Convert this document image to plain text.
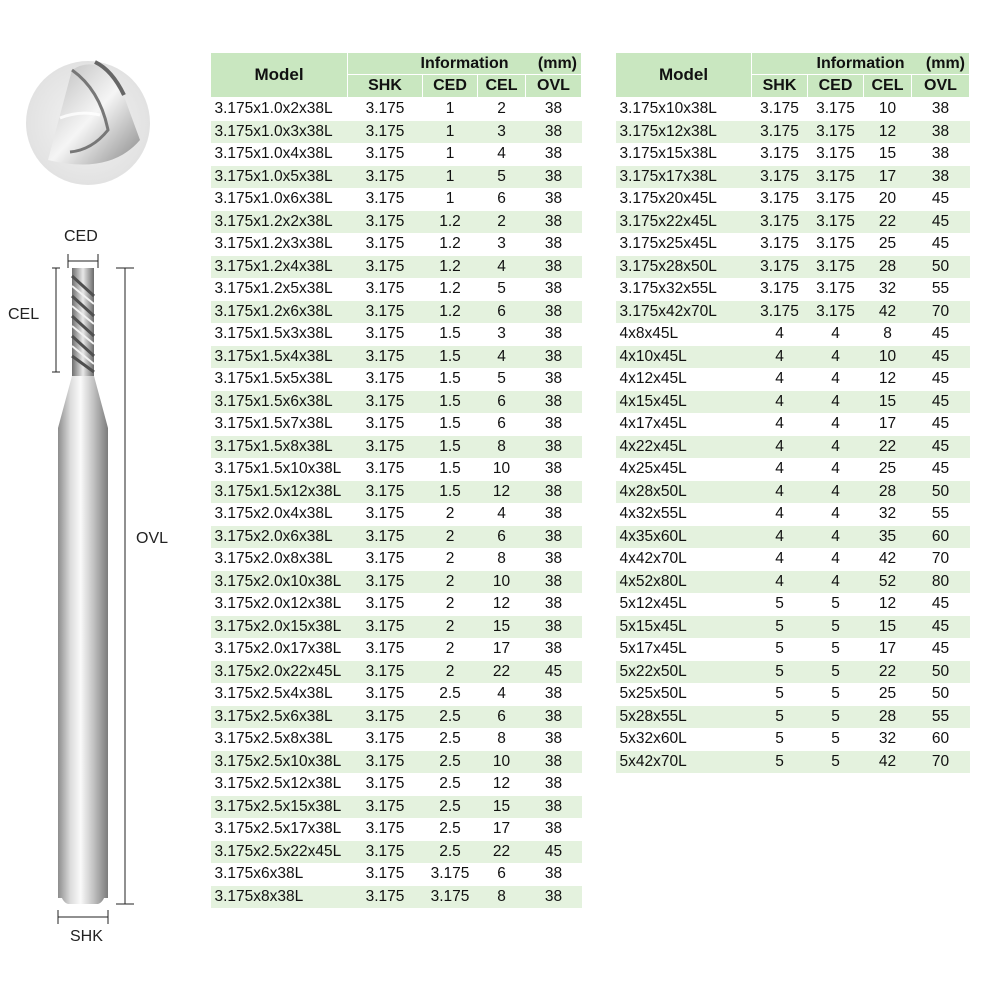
CED
CEL
OVL
SHK
Model	Information (mm)			

	SHK	CED	CEL	OVL
3.175x1.0x2x38L	3.175	1	2	38
3.175x1.0x3x38L	3.175	1	3	38
3.175x1.0x4x38L	3.175	1	4	38
3.175x1.0x5x38L	3.175	1	5	38
3.175x1.0x6x38L	3.175	1	6	38
3.175x1.2x2x38L	3.175	1.2	2	38
3.175x1.2x3x38L	3.175	1.2	3	38
3.175x1.2x4x38L	3.175	1.2	4	38
3.175x1.2x5x38L	3.175	1.2	5	38
3.175x1.2x6x38L	3.175	1.2	6	38
3.175x1.5x3x38L	3.175	1.5	3	38
3.175x1.5x4x38L	3.175	1.5	4	38
3.175x1.5x5x38L	3.175	1.5	5	38
3.175x1.5x6x38L	3.175	1.5	6	38
3.175x1.5x7x38L	3.175	1.5	6	38
3.175x1.5x8x38L	3.175	1.5	8	38
3.175x1.5x10x38L	3.175	1.5	10	38
3.175x1.5x12x38L	3.175	1.5	12	38
3.175x2.0x4x38L	3.175	2	4	38
3.175x2.0x6x38L	3.175	2	6	38
3.175x2.0x8x38L	3.175	2	8	38
3.175x2.0x10x38L	3.175	2	10	38
3.175x2.0x12x38L	3.175	2	12	38
3.175x2.0x15x38L	3.175	2	15	38
3.175x2.0x17x38L	3.175	2	17	38
3.175x2.0x22x45L	3.175	2	22	45
3.175x2.5x4x38L	3.175	2.5	4	38
3.175x2.5x6x38L	3.175	2.5	6	38
3.175x2.5x8x38L	3.175	2.5	8	38
3.175x2.5x10x38L	3.175	2.5	10	38
3.175x2.5x12x38L	3.175	2.5	12	38
3.175x2.5x15x38L	3.175	2.5	15	38
3.175x2.5x17x38L	3.175	2.5	17	38
3.175x2.5x22x45L	3.175	2.5	22	45
3.175x6x38L	3.175	3.175	6	38
3.175x8x38L	3.175	3.175	8	38
Model	Information (mm)			

	SHK	CED	CEL	OVL
3.175x10x38L	3.175	3.175	10	38
3.175x12x38L	3.175	3.175	12	38
3.175x15x38L	3.175	3.175	15	38
3.175x17x38L	3.175	3.175	17	38
3.175x20x45L	3.175	3.175	20	45
3.175x22x45L	3.175	3.175	22	45
3.175x25x45L	3.175	3.175	25	45
3.175x28x50L	3.175	3.175	28	50
3.175x32x55L	3.175	3.175	32	55
3.175x42x70L	3.175	3.175	42	70
4x8x45L	4	4	8	45
4x10x45L	4	4	10	45
4x12x45L	4	4	12	45
4x15x45L	4	4	15	45
4x17x45L	4	4	17	45
4x22x45L	4	4	22	45
4x25x45L	4	4	25	45
4x28x50L	4	4	28	50
4x32x55L	4	4	32	55
4x35x60L	4	4	35	60
4x42x70L	4	4	42	70
4x52x80L	4	4	52	80
5x12x45L	5	5	12	45
5x15x45L	5	5	15	45
5x17x45L	5	5	17	45
5x22x50L	5	5	22	50
5x25x50L	5	5	25	50
5x28x55L	5	5	28	55
5x32x60L	5	5	32	60
5x42x70L	5	5	42	70
